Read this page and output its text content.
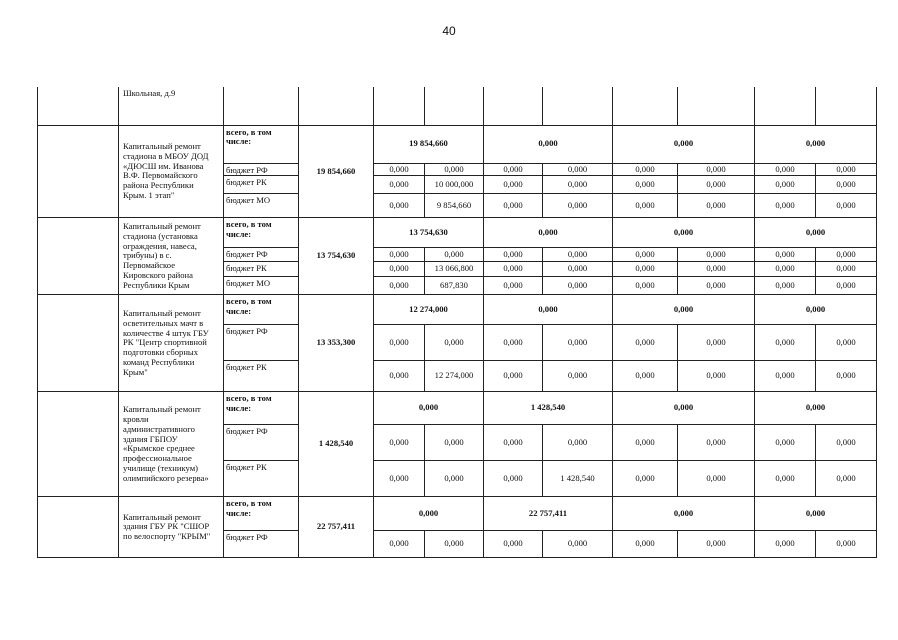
40
	Школьная, д.9										
	Капитальный ремонт стадиона в МБОУ ДОД «ДЮСШ им. Иванова В.Ф. Первомайского района Республики Крым. 1 этап"	всего, в том числе:	19 854,660	19 854,660		0,000		0,000		0,000	
		бюджет РФ		0,000	0,000	0,000	0,000	0,000	0,000	0,000	0,000
		бюджет РК		0,000	10 000,000	0,000	0,000	0,000	0,000	0,000	0,000
		бюджет МО		0,000	9 854,660	0,000	0,000	0,000	0,000	0,000	0,000
	Капитальный ремонт стадиона (установка ограждения, навеса, трибуны) в с. Первомайское Кировского района Республики Крым	всего, в том числе:	13 754,630	13 754,630		0,000		0,000		0,000	
		бюджет РФ		0,000	0,000	0,000	0,000	0,000	0,000	0,000	0,000
		бюджет РК		0,000	13 066,800	0,000	0,000	0,000	0,000	0,000	0,000
		бюджет МО		0,000	687,830	0,000	0,000	0,000	0,000	0,000	0,000
	Капитальный ремонт осветительных мачт в количестве 4 штук ГБУ РК "Центр спортивной подготовки сборных команд Республики Крым"	всего, в том числе:	13 353,300	12 274,000		0,000		0,000		0,000	
		бюджет РФ		0,000	0,000	0,000	0,000	0,000	0,000	0,000	0,000
		бюджет РК		0,000	12 274,000	0,000	0,000	0,000	0,000	0,000	0,000
	Капитальный ремонт кровли административного здания ГБПОУ «Крымское среднее профессиональное училище (техникум) олимпийского резерва»	всего, в том числе:	1 428,540	0,000		1 428,540		0,000		0,000	
		бюджет РФ		0,000	0,000	0,000	0,000	0,000	0,000	0,000	0,000
		бюджет РК		0,000	0,000	0,000	1 428,540	0,000	0,000	0,000	0,000
	Капитальный ремонт здания ГБУ РК "СШОР по велоспорту "КРЫМ"	всего, в том числе:	22 757,411	0,000		22 757,411		0,000		0,000	
		бюджет РФ		0,000	0,000	0,000	0,000	0,000	0,000	0,000	0,000
